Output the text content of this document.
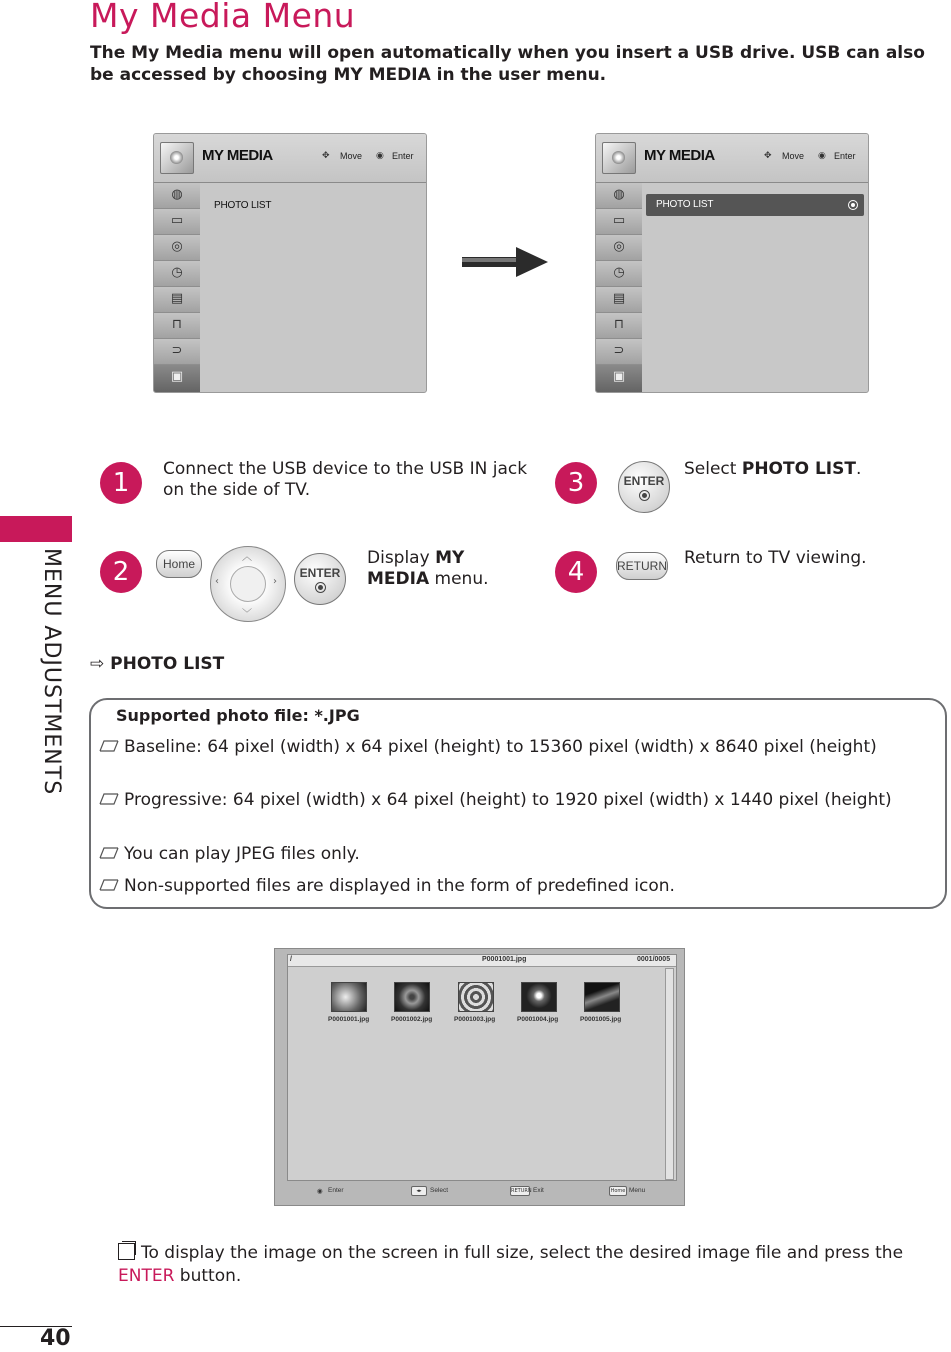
My Media Menu
The My Media menu will open automatically when you insert a USB drive. USB can also be accessed by choosing MY MEDIA in the user menu.
MENU ADJUSTMENTS
MY MEDIA	✥ Move ◉ Enter
◍
▭
◎
◷
▤
⊓
⊃
▣
PHOTO LIST
MY MEDIA	✥ Move ◉ Enter
◍
▭
◎
◷
▤
⊓
⊃
▣
PHOTO LIST
1	Connect the USB device to the USB IN jack on the side of TV.	3	ENTER
Select PHOTO LIST.
2	Home	︿
﹀
‹	›
ENTER
Display MY MEDIA menu.	4	RETURN Return to TV viewing.
⇨ PHOTO LIST
Supported photo file: *.JPG
Baseline: 64 pixel (width) x 64 pixel (height) to 15360 pixel (width) x 8640 pixel (height)
Progressive: 64 pixel (width) x 64 pixel (height) to 1920 pixel (width) x 1440 pixel (height)
You can play JPEG files only.
Non-supported files are displayed in the form of predefined icon.
/	P0001001.jpg	0001/0005
P0001001.jpg	P0001002.jpg	P0001003.jpg	P0001004.jpg	P0001005.jpg
◉ Enter	◂▸	Select	RETURN Exit	Home Menu
To display the image on the screen in full size, select the desired image file and press the ENTER button.
40
